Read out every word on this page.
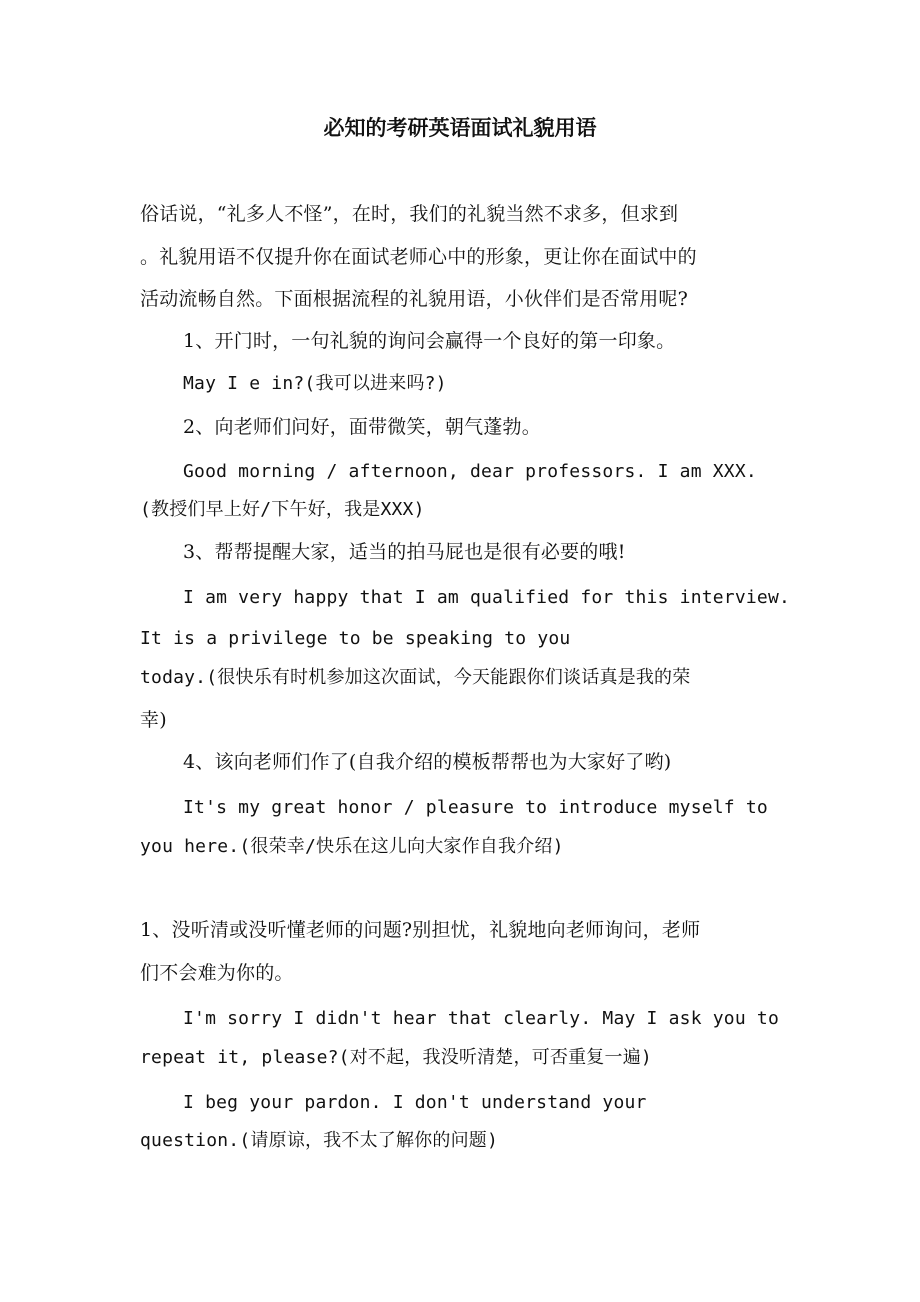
必知的考研英语面试礼貌用语
俗话说，“礼多人不怪”，在时，我们的礼貌当然不求多，但求到
。礼貌用语不仅提升你在面试老师心中的形象，更让你在面试中的
活动流畅自然。下面根据流程的礼貌用语，小伙伴们是否常用呢?
1、开门时，一句礼貌的询问会赢得一个良好的第一印象。
May I e in?(我可以进来吗?)
2、向老师们问好，面带微笑，朝气蓬勃。
Good morning / afternoon, dear professors. I am XXX.
(教授们早上好/下午好，我是XXX)
3、帮帮提醒大家，适当的拍马屁也是很有必要的哦!
I am very happy that I am qualified for this interview.
It is a privilege to be speaking to you
today.(很快乐有时机参加这次面试，今天能跟你们谈话真是我的荣
幸)
4、该向老师们作了(自我介绍的模板帮帮也为大家好了哟)
It's my great honor / pleasure to introduce myself to
you here.(很荣幸/快乐在这儿向大家作自我介绍)
1、没听清或没听懂老师的问题?别担忧，礼貌地向老师询问，老师
们不会难为你的。
I'm sorry I didn't hear that clearly. May I ask you to
repeat it, please?(对不起，我没听清楚，可否重复一遍)
I beg your pardon. I don't understand your
question.(请原谅，我不太了解你的问题)
